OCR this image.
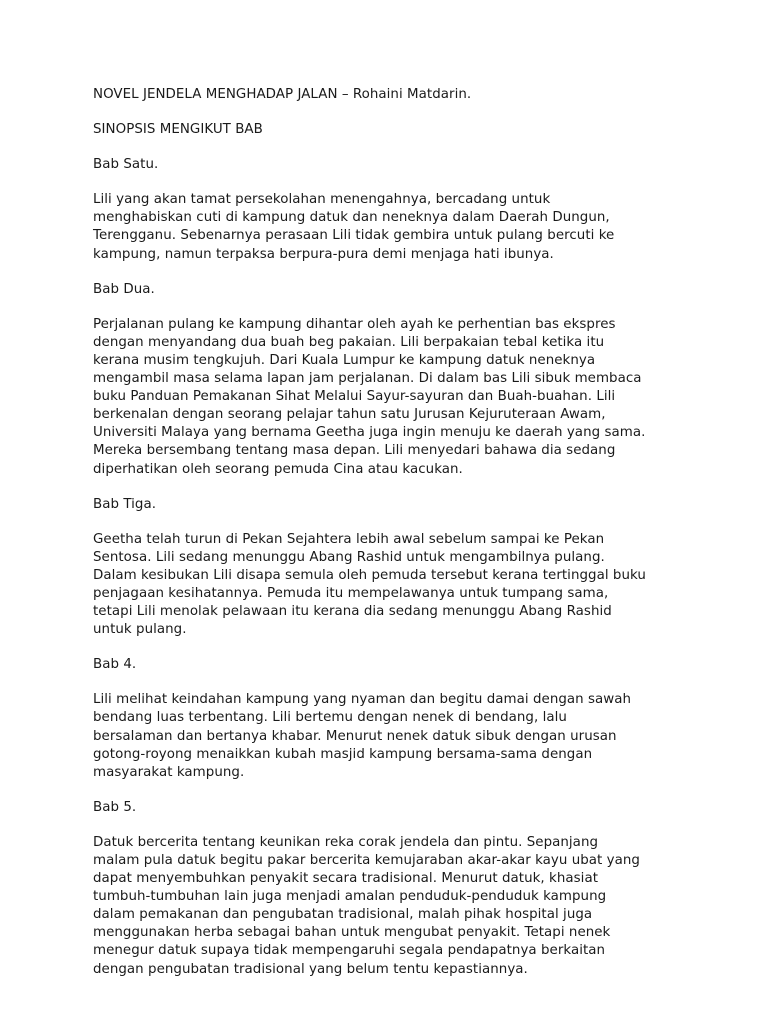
NOVEL JENDELA MENGHADAP JALAN – Rohaini Matdarin.

SINOPSIS MENGIKUT BAB

Bab Satu.

Lili yang akan tamat persekolahan menengahnya, bercadang untuk
menghabiskan cuti di kampung datuk dan neneknya dalam Daerah Dungun,
Terengganu. Sebenarnya perasaan Lili tidak gembira untuk pulang bercuti ke
kampung, namun terpaksa berpura-pura demi menjaga hati ibunya.

Bab Dua.

Perjalanan pulang ke kampung dihantar oleh ayah ke perhentian bas ekspres
dengan menyandang dua buah beg pakaian. Lili berpakaian tebal ketika itu
kerana musim tengkujuh. Dari Kuala Lumpur ke kampung datuk neneknya
mengambil masa selama lapan jam perjalanan. Di dalam bas Lili sibuk membaca
buku Panduan Pemakanan Sihat Melalui Sayur-sayuran dan Buah-buahan. Lili
berkenalan dengan seorang pelajar tahun satu Jurusan Kejuruteraan Awam,
Universiti Malaya yang bernama Geetha juga ingin menuju ke daerah yang sama.
Mereka bersembang tentang masa depan. Lili menyedari bahawa dia sedang
diperhatikan oleh seorang pemuda Cina atau kacukan.

Bab Tiga.

Geetha telah turun di Pekan Sejahtera lebih awal sebelum sampai ke Pekan
Sentosa. Lili sedang menunggu Abang Rashid untuk mengambilnya pulang.
Dalam kesibukan Lili disapa semula oleh pemuda tersebut kerana tertinggal buku
penjagaan kesihatannya. Pemuda itu mempelawanya untuk tumpang sama,
tetapi Lili menolak pelawaan itu kerana dia sedang menunggu Abang Rashid
untuk pulang.

Bab 4.

Lili melihat keindahan kampung yang nyaman dan begitu damai dengan sawah
bendang luas terbentang. Lili bertemu dengan nenek di bendang, lalu
bersalaman dan bertanya khabar. Menurut nenek datuk sibuk dengan urusan
gotong-royong menaikkan kubah masjid kampung bersama-sama dengan
masyarakat kampung.

Bab 5.

Datuk bercerita tentang keunikan reka corak jendela dan pintu. Sepanjang
malam pula datuk begitu pakar bercerita kemujaraban akar-akar kayu ubat yang
dapat menyembuhkan penyakit secara tradisional. Menurut datuk, khasiat
tumbuh-tumbuhan lain juga menjadi amalan penduduk-penduduk kampung
dalam pemakanan dan pengubatan tradisional, malah pihak hospital juga
menggunakan herba sebagai bahan untuk mengubat penyakit. Tetapi nenek
menegur datuk supaya tidak mempengaruhi segala pendapatnya berkaitan
dengan pengubatan tradisional yang belum tentu kepastiannya.
